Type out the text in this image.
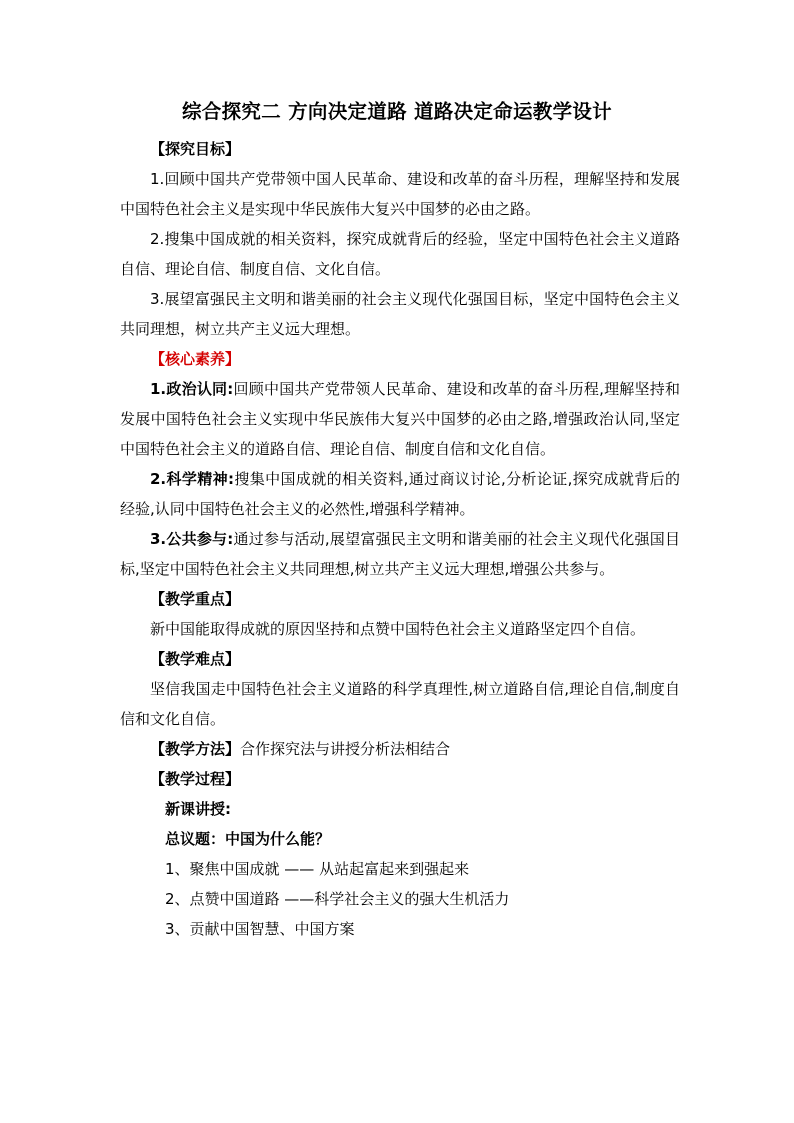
综合探究二 方向决定道路 道路决定命运教学设计
【探究目标】
1.回顾中国共产党带领中国人民革命、建设和改革的奋斗历程，理解坚持和发展中国特色社会主义是实现中华民族伟大复兴中国梦的必由之路。
2.搜集中国成就的相关资料，探究成就背后的经验，坚定中国特色社会主义道路自信、理论自信、制度自信、文化自信。
3.展望富强民主文明和谐美丽的社会主义现代化强国目标，坚定中国特色会主义共同理想，树立共产主义远大理想。
【核心素养】
1.政治认同:回顾中国共产党带领人民革命、建设和改革的奋斗历程,理解坚持和发展中国特色社会主义实现中华民族伟大复兴中国梦的必由之路,增强政治认同,坚定中国特色社会主义的道路自信、理论自信、制度自信和文化自信。
2.科学精神:搜集中国成就的相关资料,通过商议讨论,分析论证,探究成就背后的经验,认同中国特色社会主义的必然性,增强科学精神。
3.公共参与:通过参与活动,展望富强民主文明和谐美丽的社会主义现代化强国目标,坚定中国特色社会主义共同理想,树立共产主义远大理想,增强公共参与。
【教学重点】
新中国能取得成就的原因坚持和点赞中国特色社会主义道路坚定四个自信。
【教学难点】
坚信我国走中国特色社会主义道路的科学真理性,树立道路自信,理论自信,制度自信和文化自信。
【教学方法】合作探究法与讲授分析法相结合
【教学过程】
新课讲授:
总议题：中国为什么能？
1、聚焦中国成就 —— 从站起富起来到强起来
2、点赞中国道路 ——科学社会主义的强大生机活力
3、贡献中国智慧、中国方案
